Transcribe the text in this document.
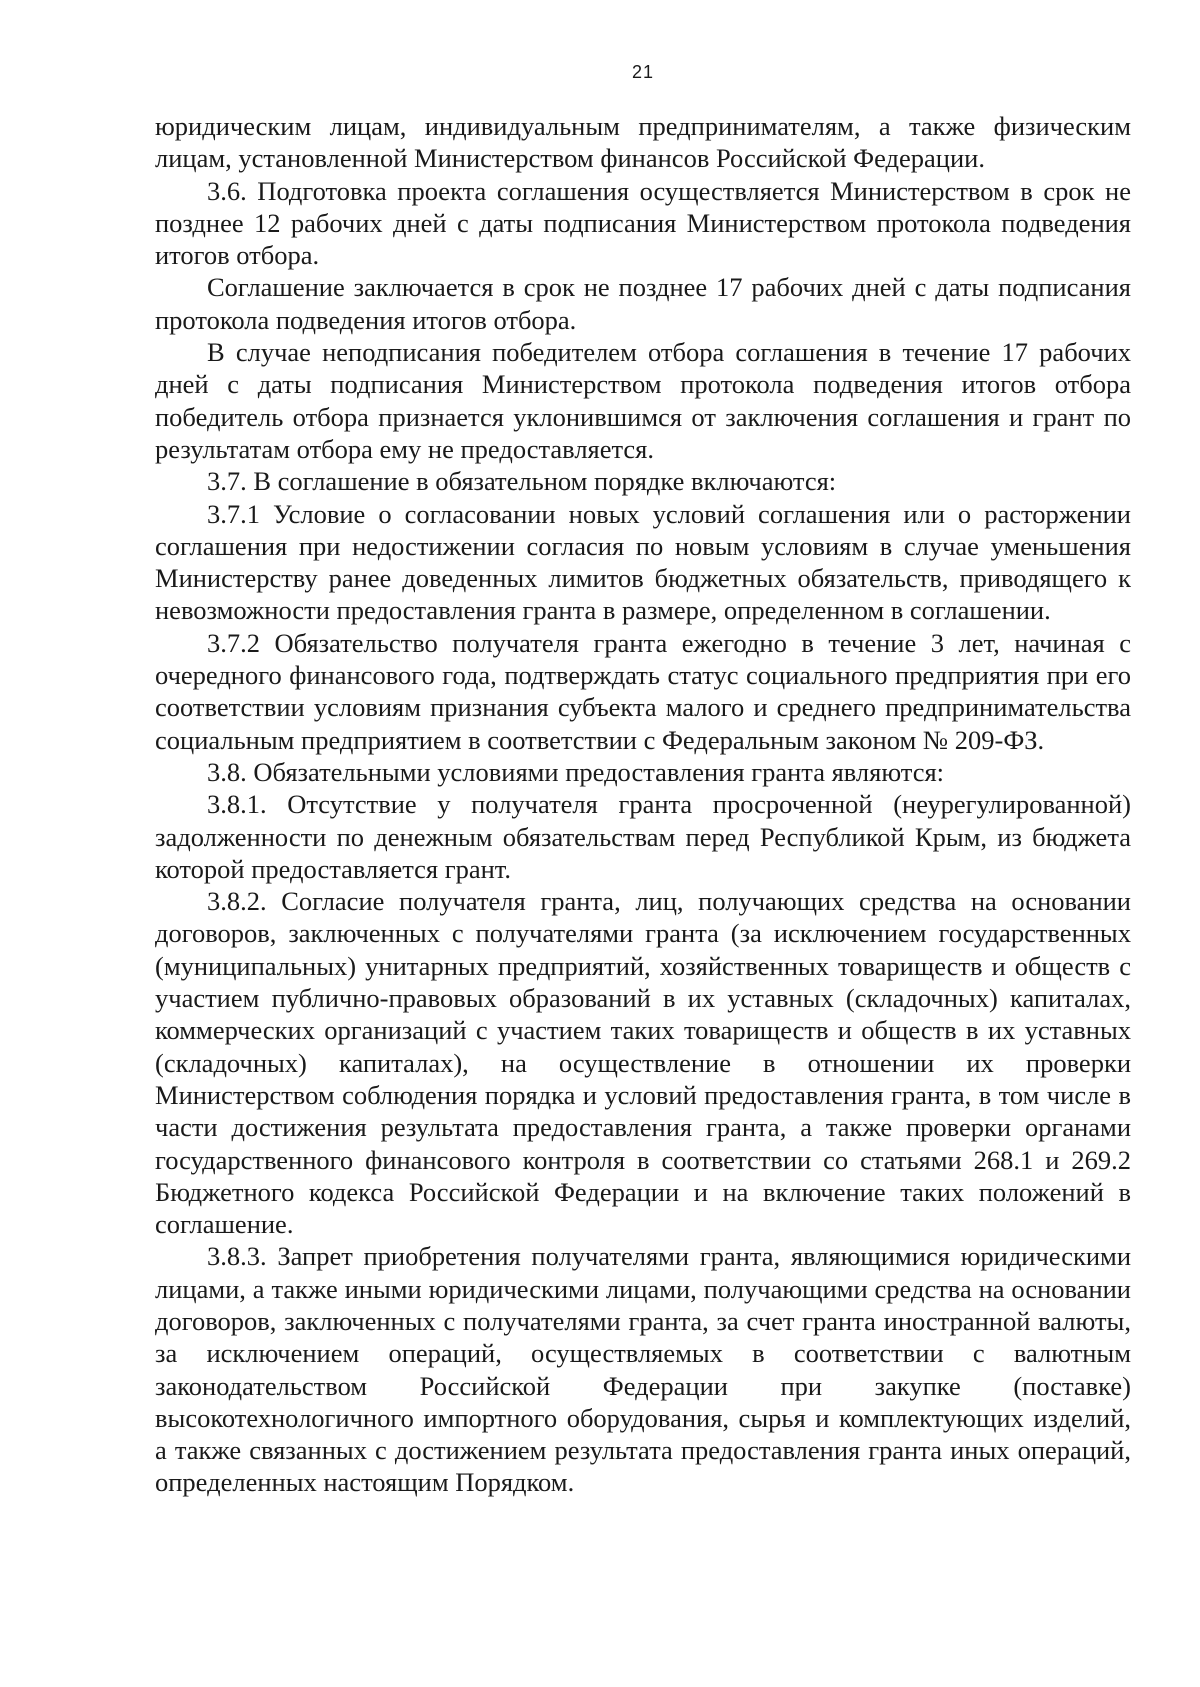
21

юридическим лицам, индивидуальным предпринимателям, а также физическим лицам, установленной Министерством финансов Российской Федерации.

3.6. Подготовка проекта соглашения осуществляется Министерством в срок не позднее 12 рабочих дней с даты подписания Министерством протокола подведения итогов отбора.

Соглашение заключается в срок не позднее 17 рабочих дней с даты подписания протокола подведения итогов отбора.

В случае неподписания победителем отбора соглашения в течение 17 рабочих дней с даты подписания Министерством протокола подведения итогов отбора победитель отбора признается уклонившимся от заключения соглашения и грант по результатам отбора ему не предоставляется.

3.7. В соглашение в обязательном порядке включаются:

3.7.1 Условие о согласовании новых условий соглашения или о расторжении соглашения при недостижении согласия по новым условиям в случае уменьшения Министерству ранее доведенных лимитов бюджетных обязательств, приводящего к невозможности предоставления гранта в размере, определенном в соглашении.

3.7.2 Обязательство получателя гранта ежегодно в течение 3 лет, начиная с очередного финансового года, подтверждать статус социального предприятия при его соответствии условиям признания субъекта малого и среднего предпринимательства социальным предприятием в соответствии с Федеральным законом № 209-ФЗ.

3.8. Обязательными условиями предоставления гранта являются:

3.8.1. Отсутствие у получателя гранта просроченной (неурегулированной) задолженности по денежным обязательствам перед Республикой Крым, из бюджета которой предоставляется грант.

3.8.2. Согласие получателя гранта, лиц, получающих средства на основании договоров, заключенных с получателями гранта (за исключением государственных (муниципальных) унитарных предприятий, хозяйственных товариществ и обществ с участием публично-правовых образований в их уставных (складочных) капиталах, коммерческих организаций с участием таких товариществ и обществ в их уставных (складочных) капиталах), на осуществление в отношении их проверки Министерством соблюдения порядка и условий предоставления гранта, в том числе в части достижения результата предоставления гранта, а также проверки органами государственного финансового контроля в соответствии со статьями 268.1 и 269.2 Бюджетного кодекса Российской Федерации и на включение таких положений в соглашение.

3.8.3. Запрет приобретения получателями гранта, являющимися юридическими лицами, а также иными юридическими лицами, получающими средства на основании договоров, заключенных с получателями гранта, за счет гранта иностранной валюты, за исключением операций, осуществляемых в соответствии с валютным законодательством Российской Федерации при закупке (поставке) высокотехнологичного импортного оборудования, сырья и комплектующих изделий, а также связанных с достижением результата предоставления гранта иных операций, определенных настоящим Порядком.
